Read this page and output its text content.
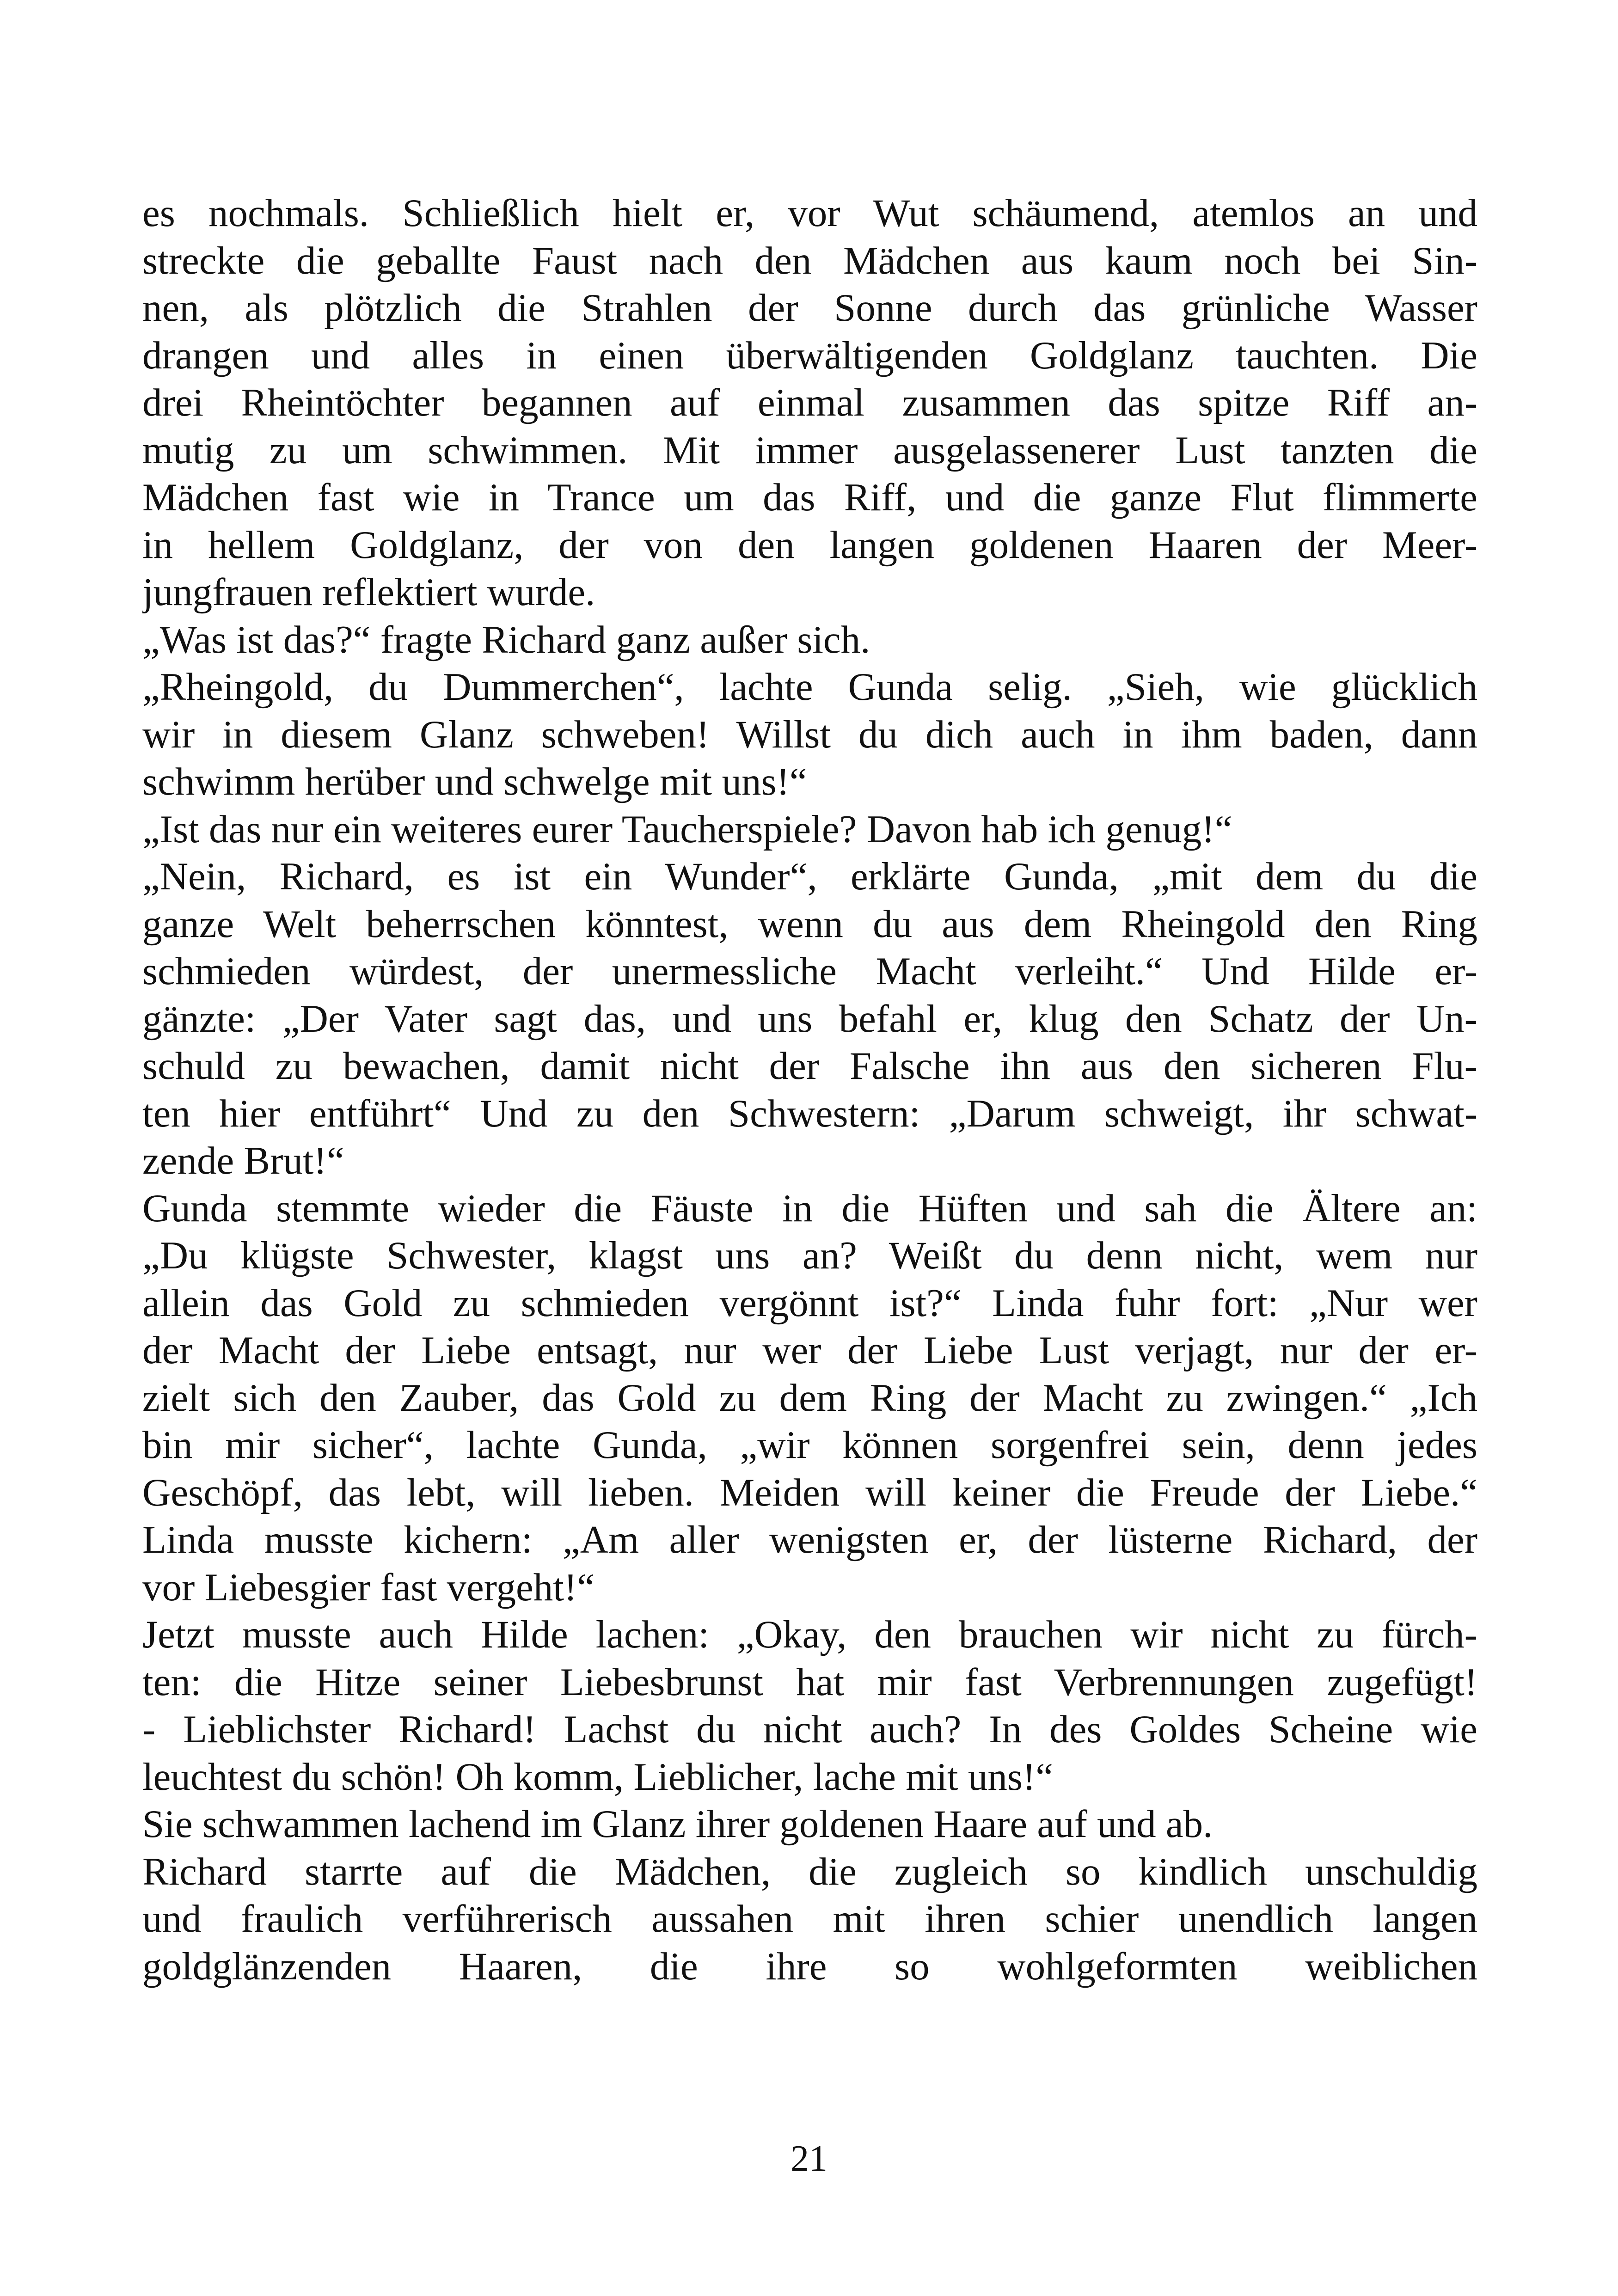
es nochmals. Schließlich hielt er, vor Wut schäumend, atemlos an und
streckte die geballte Faust nach den Mädchen aus kaum noch bei Sin-
nen, als plötzlich die Strahlen der Sonne durch das grünliche Wasser
drangen und alles in einen überwältigenden Goldglanz tauchten. Die
drei Rheintöchter begannen auf einmal zusammen das spitze Riff an-
mutig zu um schwimmen. Mit immer ausgelassenerer Lust tanzten die
Mädchen fast wie in Trance um das Riff, und die ganze Flut flimmerte
in hellem Goldglanz, der von den langen goldenen Haaren der Meer-
jungfrauen reflektiert wurde.
„Was ist das?“ fragte Richard ganz außer sich.
„Rheingold, du Dummerchen“, lachte Gunda selig. „Sieh, wie glücklich
wir in diesem Glanz schweben! Willst du dich auch in ihm baden, dann
schwimm herüber und schwelge mit uns!“
„Ist das nur ein weiteres eurer Taucherspiele? Davon hab ich genug!“
„Nein, Richard, es ist ein Wunder“, erklärte Gunda, „mit dem du die
ganze Welt beherrschen könntest, wenn du aus dem Rheingold den Ring
schmieden würdest, der unermessliche Macht verleiht.“ Und Hilde er-
gänzte: „Der Vater sagt das, und uns befahl er, klug den Schatz der Un-
schuld zu bewachen, damit nicht der Falsche ihn aus den sicheren Flu-
ten hier entführt“ Und zu den Schwestern: „Darum schweigt, ihr schwat-
zende Brut!“
Gunda stemmte wieder die Fäuste in die Hüften und sah die Ältere an:
„Du klügste Schwester, klagst uns an? Weißt du denn nicht, wem nur
allein das Gold zu schmieden vergönnt ist?“ Linda fuhr fort: „Nur wer
der Macht der Liebe entsagt, nur wer der Liebe Lust verjagt, nur der er-
zielt sich den Zauber, das Gold zu dem Ring der Macht zu zwingen.“ „Ich
bin mir sicher“, lachte Gunda, „wir können sorgenfrei sein, denn jedes
Geschöpf, das lebt, will lieben. Meiden will keiner die Freude der Liebe.“
Linda musste kichern: „Am aller wenigsten er, der lüsterne Richard, der
vor Liebesgier fast vergeht!“
Jetzt musste auch Hilde lachen: „Okay, den brauchen wir nicht zu fürch-
ten: die Hitze seiner Liebesbrunst hat mir fast Verbrennungen zugefügt!
- Lieblichster Richard! Lachst du nicht auch? In des Goldes Scheine wie
leuchtest du schön! Oh komm, Lieblicher, lache mit uns!“
Sie schwammen lachend im Glanz ihrer goldenen Haare auf und ab.
Richard starrte auf die Mädchen, die zugleich so kindlich unschuldig
und fraulich verführerisch aussahen mit ihren schier unendlich langen
goldglänzenden Haaren, die ihre so wohlgeformten weiblichen
21
